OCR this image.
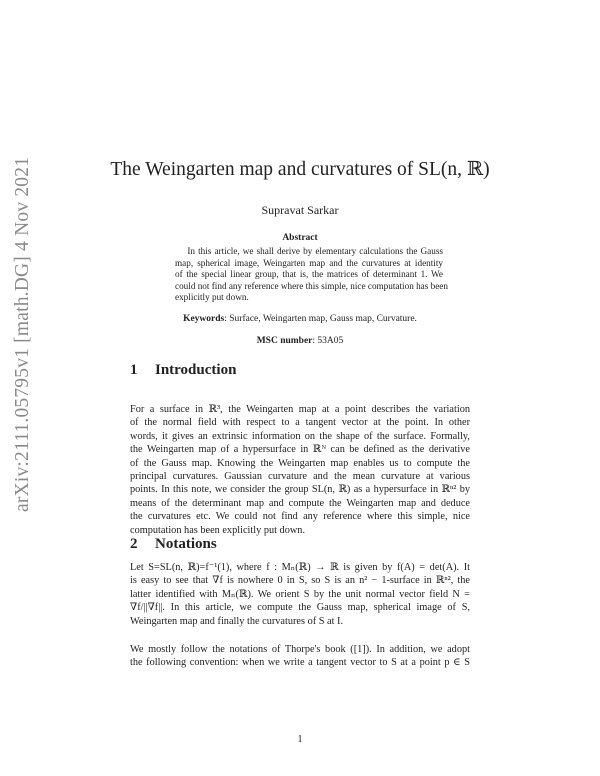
arXiv:2111.05795v1 [math.DG] 4 Nov 2021	The Weingarten map and curvatures of SL(n, ℝ)
Supravat Sarkar
Abstract
In this article, we shall derive by elementary calculations the Gauss
map, spherical image, Weingarten map and the curvatures at identity
of the special linear group, that is, the matrices of determinant 1. We
could not find any reference where this simple, nice computation has been
explicitly put down.
Keywords: Surface, Weingarten map, Gauss map, Curvature.
MSC number: 53A05
1 Introduction
For a surface in ℝ³, the Weingarten map at a point describes the variation
of the normal field with respect to a tangent vector at the point. In other
words, it gives an extrinsic information on the shape of the surface. Formally,
the Weingarten map of a hypersurface in ℝᴺ can be defined as the derivative
of the Gauss map. Knowing the Weingarten map enables us to compute the
principal curvatures. Gaussian curvature and the mean curvature at various
points. In this note, we consider the group SL(n, ℝ) as a hypersurface in ℝⁿ² by
means of the determinant map and compute the Weingarten map and deduce
the curvatures etc. We could not find any reference where this simple, nice
computation has been explicitly put down.
2 Notations
Let S=SL(n, ℝ)=f⁻¹(1), where f : Mₙ(ℝ) → ℝ is given by f(A) = det(A). It
is easy to see that ∇f is nowhere 0 in S, so S is an n² − 1-surface in ℝⁿ², the
latter identified with Mₙ(ℝ). We orient S by the unit normal vector field N =
∇f/||∇f||. In this article, we compute the Gauss map, spherical image of S,
Weingarten map and finally the curvatures of S at I.
We mostly follow the notations of Thorpe's book ([1]). In addition, we adopt
the following convention: when we write a tangent vector to S at a point p ∈ S
1
